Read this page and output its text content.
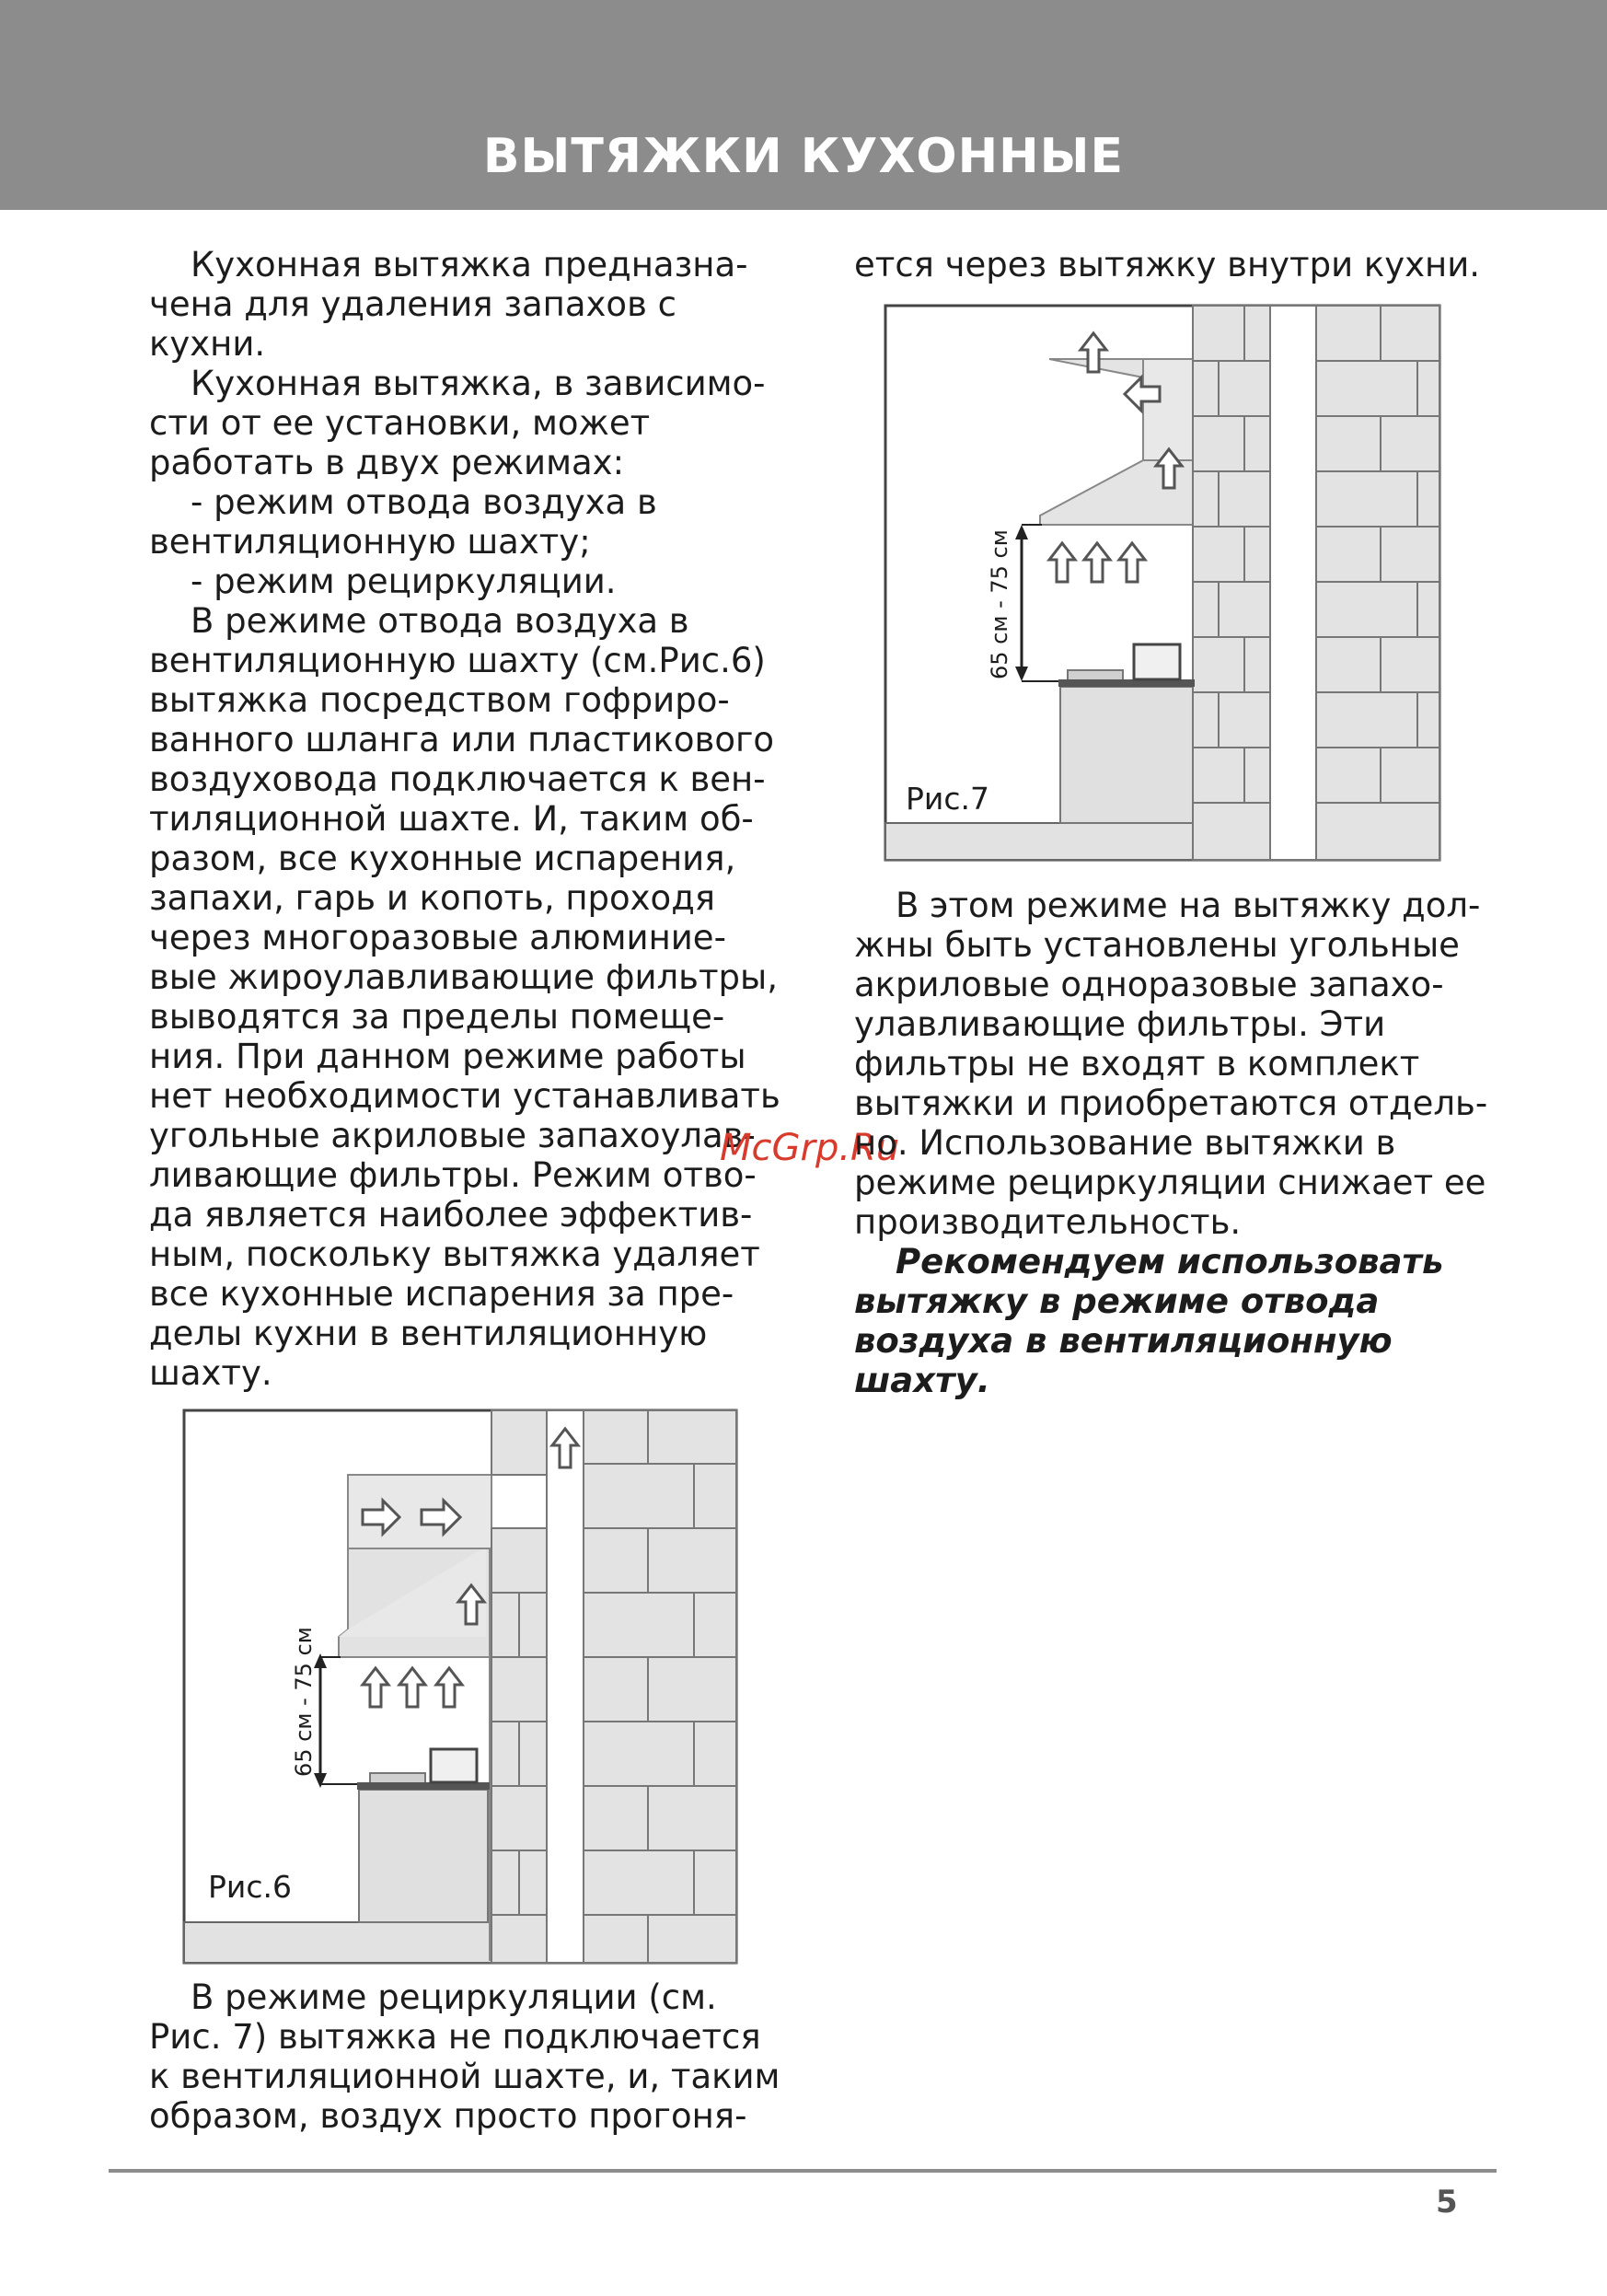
ВЫТЯЖКИ КУХОННЫЕ

Кухонная вытяжка предназна-

чена для удаления запахов с

кухни.

Кухонная вытяжка, в зависимо-

сти от ее установки, может

работать в двух режимах:

- режим отвода воздуха в

вентиляционную шахту;

- режим рециркуляции.

В режиме отвода воздуха в

вентиляционную шахту (см.Рис.6)

вытяжка посредством гофриро-

ванного шланга или пластикового

воздуховода подключается к вен-

тиляционной шахте. И, таким об-

разом, все кухонные испарения,

запахи, гарь и копоть, проходя

через многоразовые алюминие-

вые жироулавливающие фильтры,

выводятся за пределы помеще-

ния. При данном режиме работы

нет необходимости устанавливать

угольные акриловые запахоулав-

ливающие фильтры. Режим отво-

да является наиболее эффектив-

ным, поскольку вытяжка удаляет

все кухонные испарения за пре-

делы кухни в вентиляционную

шахту.

McGrp.Ru
65 см - 75 см
Рис.6

В режиме рециркуляции (см.

Рис. 7) вытяжка не подключается

к вентиляционной шахте, и, таким

образом, воздух просто прогоня-

ется через вытяжку внутри кухни.

65 см - 75 см
Рис.7

В этом режиме на вытяжку дол-

жны быть установлены угольные

акриловые одноразовые запахо-

улавливающие фильтры. Эти

фильтры не входят в комплект

вытяжки и приобретаются отдель-

но. Использование вытяжки в

режиме рециркуляции снижает ее

производительность.

Рекомендуем использовать

вытяжку в режиме отвода

воздуха в вентиляционную

шахту.

5
